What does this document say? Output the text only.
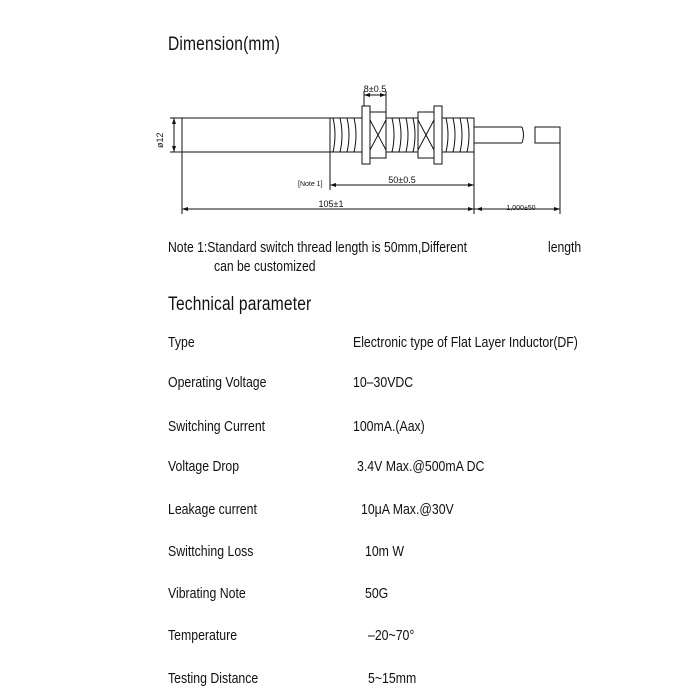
Dimension(mm)
ø12
8±0.5
[Note 1]	50±0.5
105±1	1,000±50
Note 1:Standard switch thread length is 50mm,Different	length
can be customized
Technical parameter
Type	Electronic type of Flat Layer Inductor(DF)
Operating Voltage	10–30VDC
Switching Current	100mA.(Aax)
Voltage Drop	3.4V Max.@500mA DC
Leakage current	10μA Max.@30V
Swittching Loss	10m W
Vibrating Note	50G
Temperature	–20~70°
Testing Distance	5~15mm
